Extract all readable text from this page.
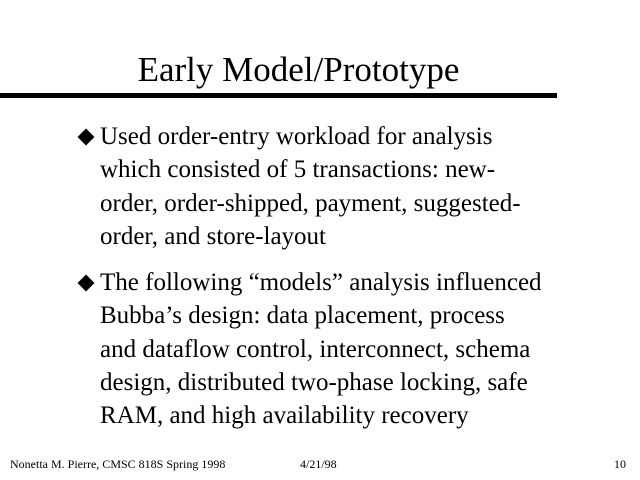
Early Model/Prototype
Used order-entry workload for analysis
which consisted of 5 transactions: new-
order, order-shipped, payment, suggested-
order, and store-layout
The following “models” analysis influenced
Bubba’s design: data placement, process
and dataflow control, interconnect, schema
design, distributed two-phase locking, safe
RAM, and high availability recovery
Nonetta M. Pierre, CMSC 818S Spring 1998	4/21/98	10
